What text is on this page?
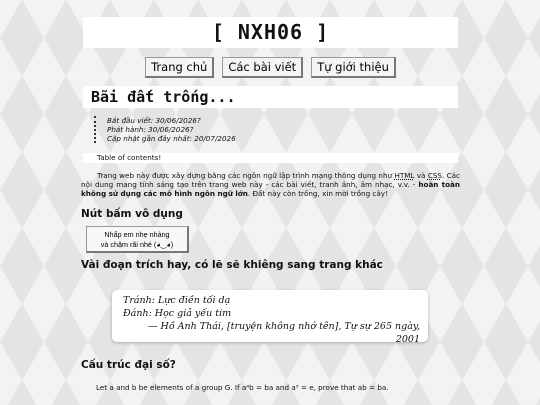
[ NXH06 ]
Trang chủ	Các bài viết	Tự giới thiệu
Bãi đất trống...
Bắt đầu viết: 30/06/2026?
Phát hành: 30/06/2026?
Cập nhật gần đây nhất: 20/07/2026
Table of contents!

Trang web này được xây dựng bằng các ngôn ngữ lập trình mạng thông dụng như HTML và CSS. Các nội dung mang tính sáng tạo trên trang web này - các bài viết, tranh ảnh, âm nhạc, v.v. - hoàn toàn không sử dụng các mô hình ngôn ngữ lớn. Đất này còn trống, xin mời trồng cây!

Nút bấm vô dụng
Nhấp em nhẹ nhàng
và chậm rãi nhé (◕‿◕)
Vài đoạn trích hay, có lẽ sẽ khiêng sang trang khác
Tránh: Lực điền tối dạ
Đánh: Học giả yếu tim
— Hồ Anh Thái, [truyện không nhớ tên], Tự sự 265 ngày, 2001
Cấu trúc đại số?

Let a and b be elements of a group G. If a⁴b = ba and a³ = e, prove that ab = ba.
